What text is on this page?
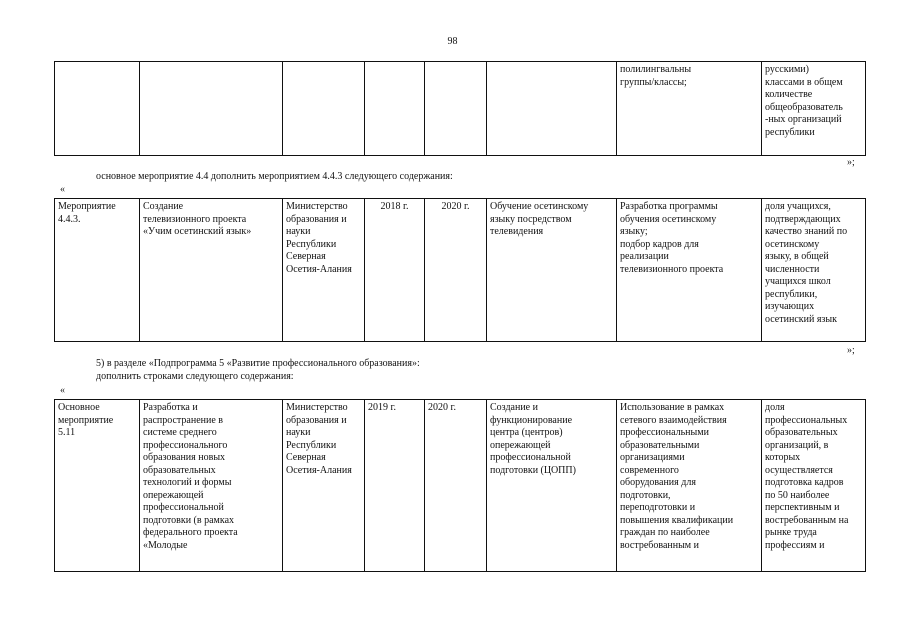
98
						полилингвальны
группы/классы;	русскими)
классами в общем
количестве
общеобразователь
-ных организаций
республики
»;
основное мероприятие 4.4 дополнить мероприятием 4.4.3 следующего содержания:
«
Мероприятие
4.4.3.	Создание
телевизионного проекта
«Учим осетинский язык»	Министерство
образования и
науки
Республики
Северная
Осетия-Алания	2018 г.	2020 г.	Обучение осетинскому
языку посредством
телевидения	Разработка программы
обучения осетинскому
языку;
подбор кадров для
реализации
телевизионного проекта	доля учащихся,
подтверждающих
качество знаний по
осетинскому
языку, в общей
численности
учащихся школ
республики,
изучающих
осетинский язык
»;
5) в разделе «Подпрограмма 5 «Развитие профессионального образования»:
дополнить строками следующего содержания:
«
Основное
мероприятие
5.11	Разработка и
распространение в
системе среднего
профессионального
образования новых
образовательных
технологий и формы
опережающей
профессиональной
подготовки (в рамках
федерального проекта
«Молодые	Министерство
образования и
науки
Республики
Северная
Осетия-Алания	2019 г.	2020 г.	Создание и
функционирование
центра (центров)
опережающей
профессиональной
подготовки (ЦОПП)	Использование в рамках
сетевого взаимодействия
профессиональными
образовательными
организациями
современного
оборудования для
подготовки,
переподготовки и
повышения квалификации
граждан по наиболее
востребованным и	доля
профессиональных
образовательных
организаций, в
которых
осуществляется
подготовка кадров
по 50 наиболее
перспективным и
востребованным на
рынке труда
профессиям и
